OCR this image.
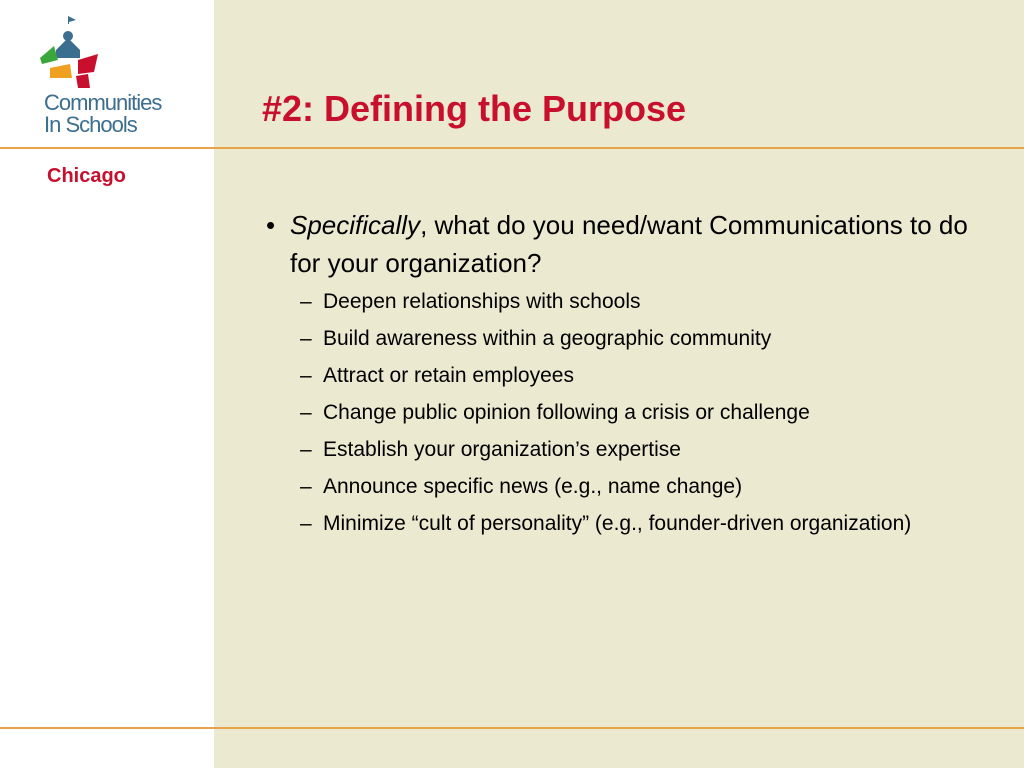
Communities
In Schools
Chicago
#2: Defining the Purpose
• Specifically, what do you need/want Communications to do for your organization?
– Deepen relationships with schools
– Build awareness within a geographic community
– Attract or retain employees
– Change public opinion following a crisis or challenge
– Establish your organization’s expertise
– Announce specific news (e.g., name change)
– Minimize “cult of personality” (e.g., founder-driven organization)
